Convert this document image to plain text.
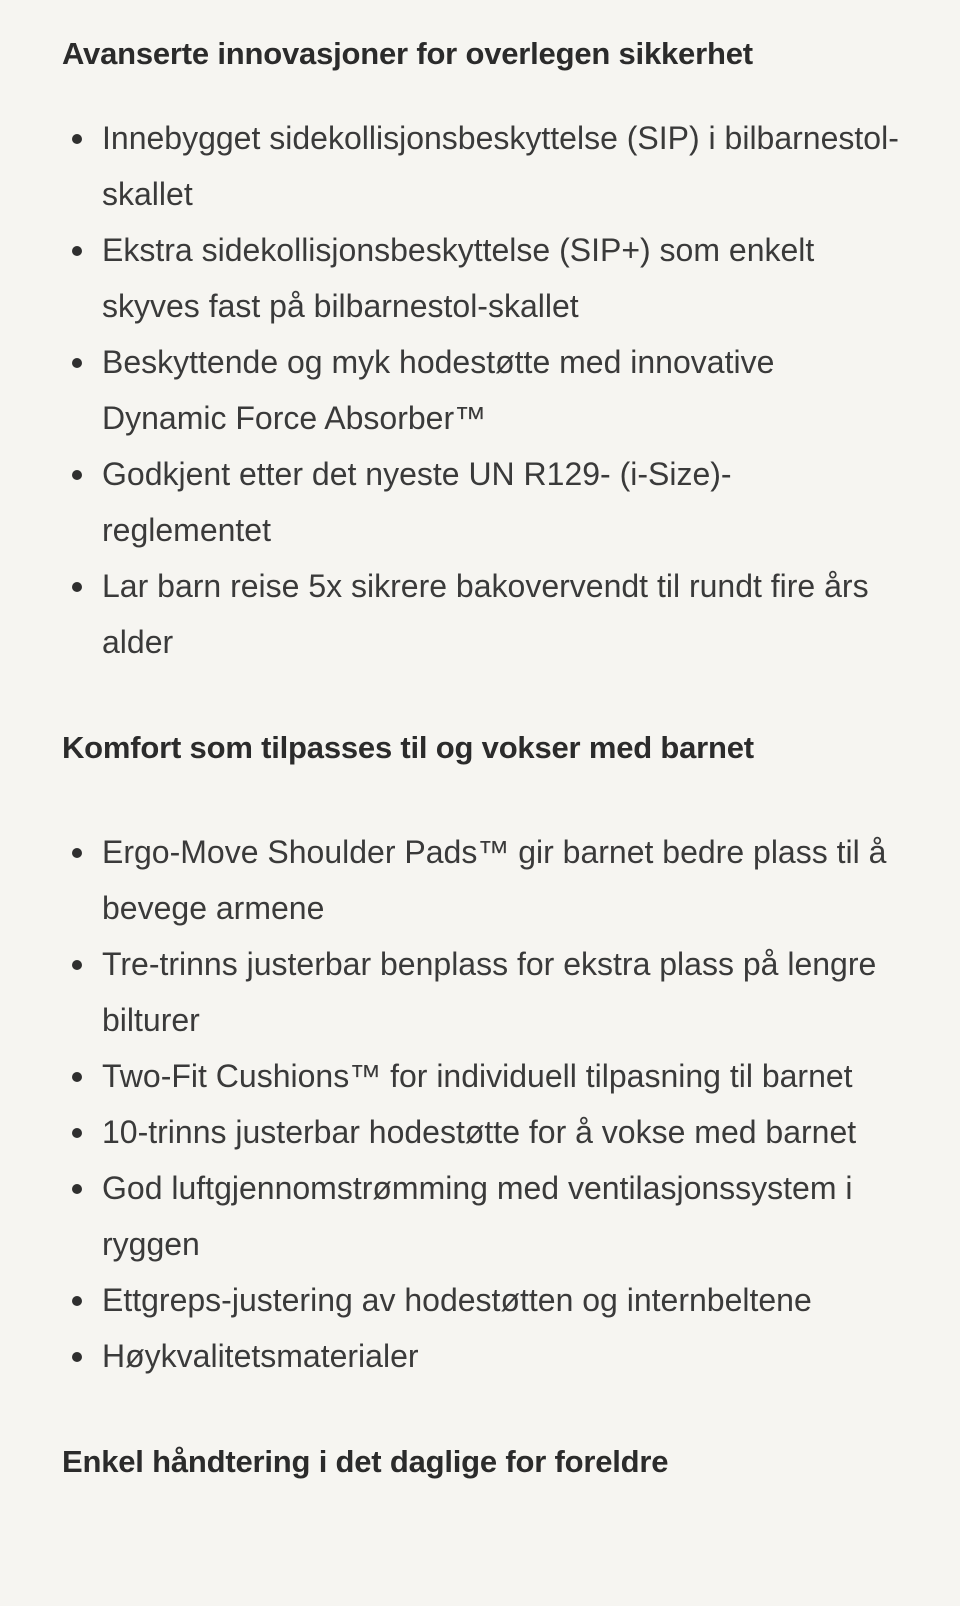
Avanserte innovasjoner for overlegen sikkerhet
Innebygget sidekollisjonsbeskyttelse (SIP) i bilbarnestol-skallet
Ekstra sidekollisjonsbeskyttelse (SIP+) som enkelt skyves fast på bilbarnestol-skallet
Beskyttende og myk hodestøtte med innovative Dynamic Force Absorber™
Godkjent etter det nyeste UN R129- (i-Size)-reglementet
Lar barn reise 5x sikrere bakovervendt til rundt fire års alder
Komfort som tilpasses til og vokser med barnet
Ergo-Move Shoulder Pads™ gir barnet bedre plass til å bevege armene
Tre-trinns justerbar benplass for ekstra plass på lengre bilturer
Two-Fit Cushions™ for individuell tilpasning til barnet
10-trinns justerbar hodestøtte for å vokse med barnet
God luftgjennomstrømming med ventilasjonssystem i ryggen
Ettgreps-justering av hodestøtten og internbeltene
Høykvalitetsmaterialer
Enkel håndtering i det daglige for foreldre
